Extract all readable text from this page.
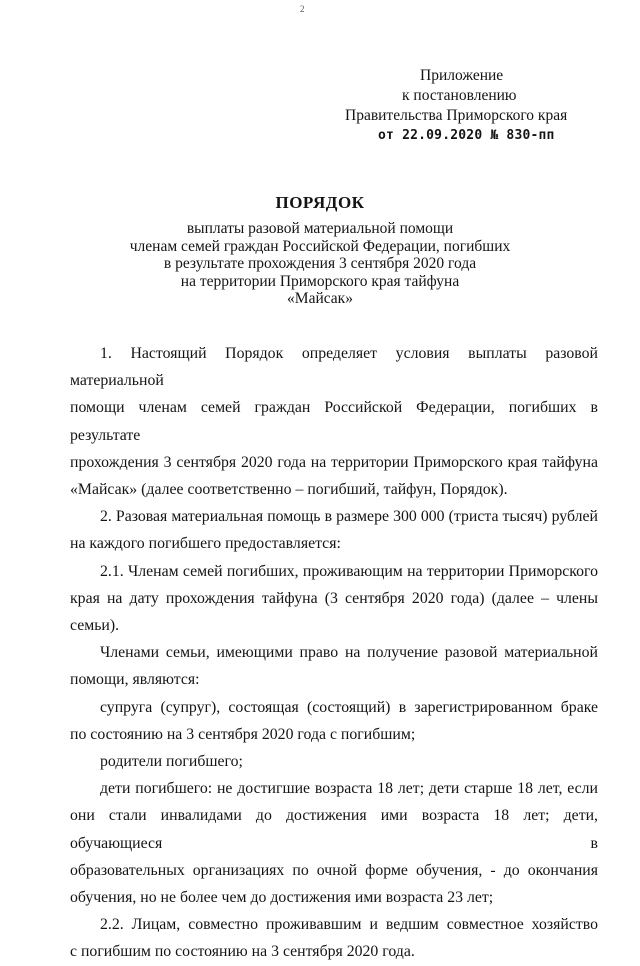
2
Приложение
к постановлению
Правительства Приморского края
от 22.09.2020 № 830-пп
ПОРЯДОК
выплаты разовой материальной помощи
членам семей граждан Российской Федерации, погибших
в результате прохождения 3 сентября 2020 года
на территории Приморского края тайфуна
«Майсак»

1. Настоящий Порядок определяет условия выплаты разовой материальной
помощи членам семей граждан Российской Федерации, погибших в результате
прохождения 3 сентября 2020 года на территории Приморского края тайфуна
«Майсак» (далее соответственно – погибший, тайфун, Порядок).

2. Разовая материальная помощь в размере 300 000 (триста тысяч) рублей
на каждого погибшего предоставляется:

2.1. Членам семей погибших, проживающим на территории Приморского
края на дату прохождения тайфуна (3 сентября 2020 года) (далее – члены
семьи).

Членами семьи, имеющими право на получение разовой материальной
помощи, являются:

супруга (супруг), состоящая (состоящий) в зарегистрированном браке
по состоянию на 3 сентября 2020 года с погибшим;

родители погибшего;

дети погибшего: не достигшие возраста 18 лет; дети старше 18 лет, если
они стали инвалидами до достижения ими возраста 18 лет; дети, обучающиеся в
образовательных организациях по очной форме обучения, - до окончания
обучения, но не более чем до достижения ими возраста 23 лет;

2.2. Лицам, совместно проживавшим и ведшим совместное хозяйство
с погибшим по состоянию на 3 сентября 2020 года.
